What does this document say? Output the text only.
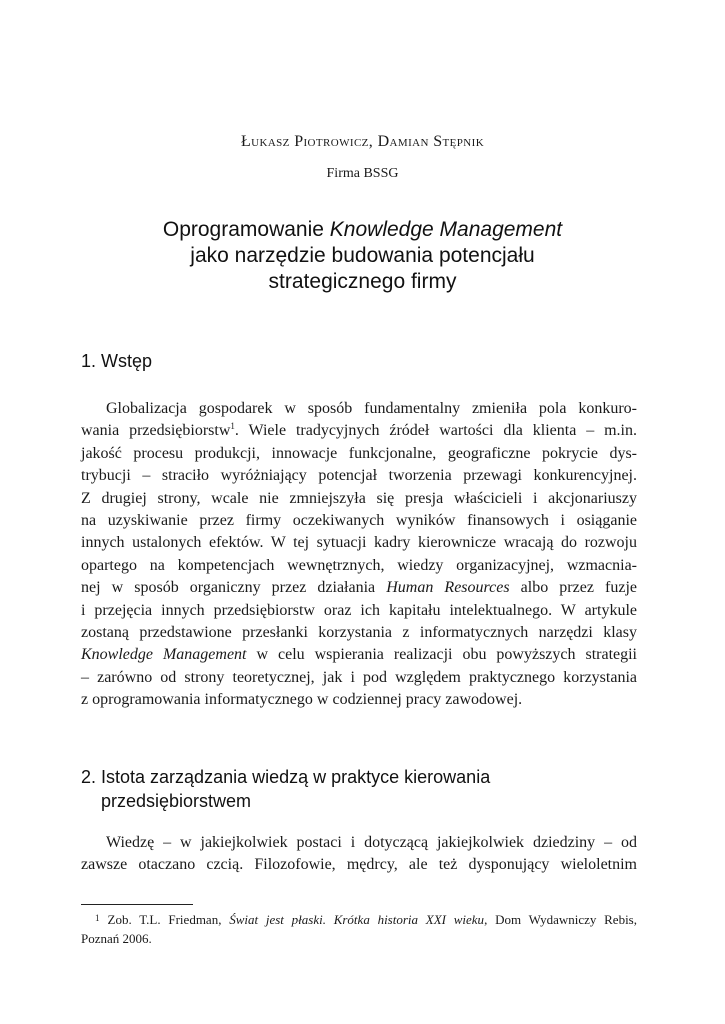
Łukasz Piotrowicz, Damian Stępnik
Firma BSSG
Oprogramowanie Knowledge Management
jako narzędzie budowania potencjału
strategicznego firmy
1. Wstęp
Globalizacja gospodarek w sposób fundamentalny zmieniła pola konkuro-
wania przedsiębiorstw$^1$. Wiele tradycyjnych źródeł wartości dla klienta – m.in.
jakość procesu produkcji, innowacje funkcjonalne, geograficzne pokrycie dys-
trybucji – straciło wyróżniający potencjał tworzenia przewagi konkurencyjnej.
Z drugiej strony, wcale nie zmniejszyła się presja właścicieli i akcjonariuszy
na uzyskiwanie przez firmy oczekiwanych wyników finansowych i osiąganie
innych ustalonych efektów. W tej sytuacji kadry kierownicze wracają do rozwoju
opartego na kompetencjach wewnętrznych, wiedzy organizacyjnej, wzmacnia-
nej w sposób organiczny przez działania Human Resources albo przez fuzje
i przejęcia innych przedsiębiorstw oraz ich kapitału intelektualnego. W artykule
zostaną przedstawione przesłanki korzystania z informatycznych narzędzi klasy
Knowledge Management w celu wspierania realizacji obu powyższych strategii
– zarówno od strony teoretycznej, jak i pod względem praktycznego korzystania
z oprogramowania informatycznego w codziennej pracy zawodowej.
2. Istota zarządzania wiedzą w praktyce kierowania
przedsiębiorstwem
Wiedzę – w jakiejkolwiek postaci i dotyczącą jakiejkolwiek dziedziny – od
zawsze otaczano czcią. Filozofowie, mędrcy, ale też dysponujący wieloletnim
$^1$ Zob. T.L. Friedman, Świat jest płaski. Krótka historia XXI wieku, Dom Wydawniczy Rebis,
Poznań 2006.
